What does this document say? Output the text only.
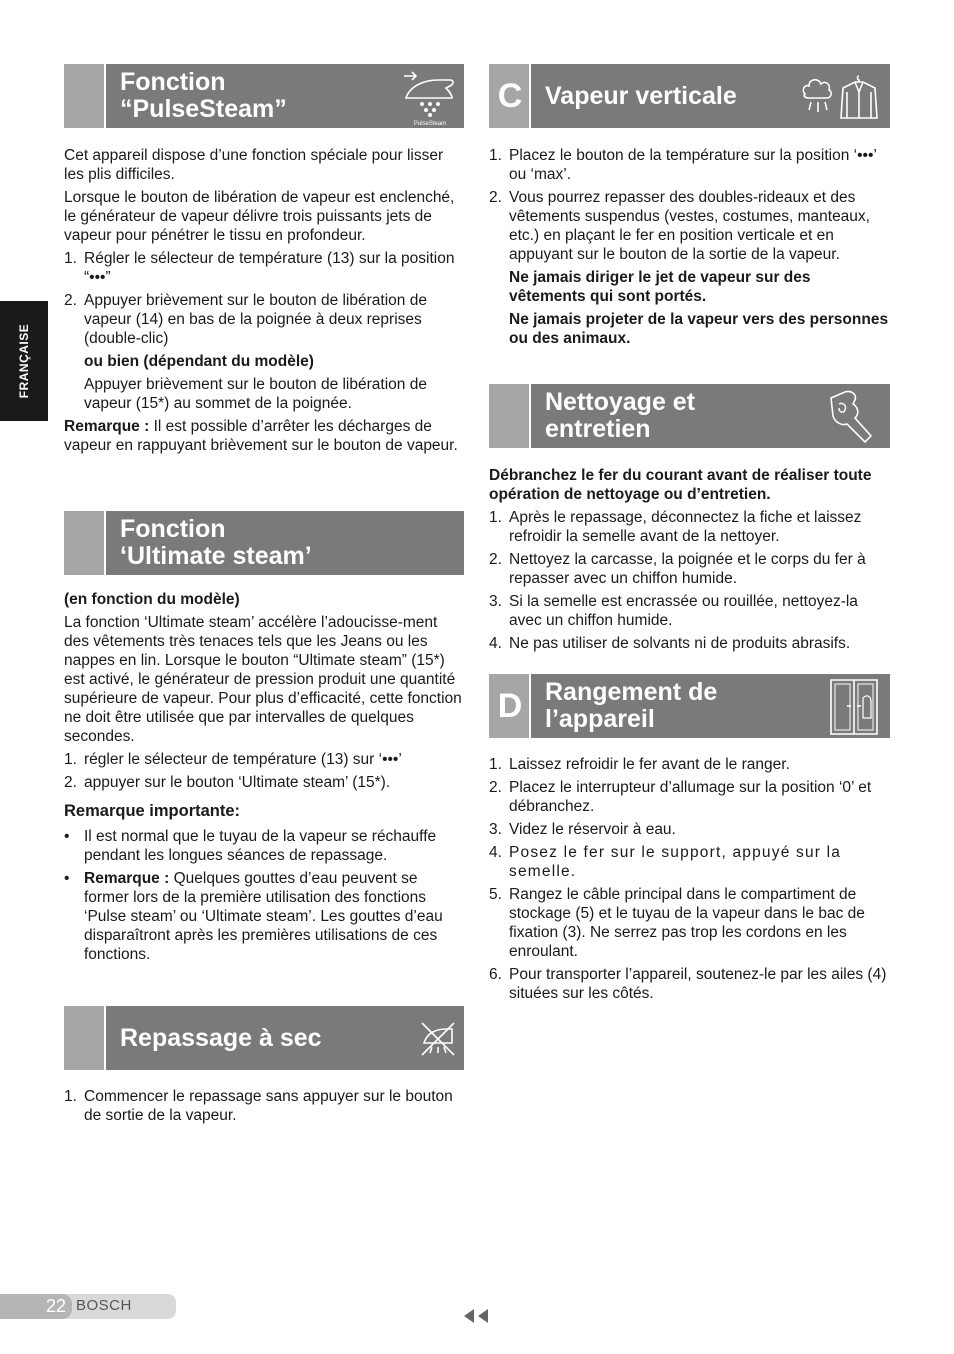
FRANÇAISE
Fonction
“PulseSteam”
PulseSteam

Cet appareil dispose d’une fonction spéciale pour lisser les plis difficiles.

Lorsque le bouton de libération de vapeur est enclenché, le générateur de vapeur délivre trois puissants jets de vapeur pour pénétrer le tissu en profondeur.

1. Régler le sélecteur de température (13) sur la position “•••”
2. Appuyer brièvement sur le bouton de libération de vapeur (14) en bas de la poignée à deux reprises (double-clic)
ou bien (dépendant du modèle)
Appuyer brièvement sur le bouton de libération de vapeur (15*) au sommet de la poignée.

Remarque : Il est possible d’arrêter les décharges de vapeur en rappuyant brièvement sur le bouton de vapeur.

Fonction
‘Ultimate steam’

(en fonction du modèle)

La fonction ‘Ultimate steam’ accélère l’adoucisse-ment des vêtements très tenaces tels que les Jeans ou les nappes en lin. Lorsque le bouton “Ultimate steam” (15*) est activé, le générateur de pression produit une quantité supérieure de vapeur. Pour plus d’efficacité, cette fonction ne doit être utilisée que par intervalles de quelques secondes.

1. régler le sélecteur de température (13) sur ‘•••’
2. appuyer sur le bouton ‘Ultimate steam’ (15*).
Remarque importante:
• Il est normal que le tuyau de la vapeur se réchauffe pendant les longues séances de repassage.
• Remarque : Quelques gouttes d’eau peuvent se former lors de la première utilisation des fonctions ‘Pulse steam’ ou ‘Ultimate steam’. Les gouttes d’eau disparaîtront après les premières utilisations de ces fonctions.
Repassage à sec
1. Commencer le repassage sans appuyer sur le bouton de sortie de la vapeur.
C Vapeur verticale
1. Placez le bouton de la température sur la position ‘•••’ ou ‘max’.
2. Vous pourrez repasser des doubles-rideaux et des vêtements suspendus (vestes, costumes, manteaux, etc.) en plaçant le fer en position verticale et en appuyant sur le bouton de la sortie de la vapeur.
Ne jamais diriger le jet de vapeur sur des vêtements qui sont portés.
Ne jamais projeter de la vapeur vers des personnes ou des animaux.
Nettoyage et
entretien

Débranchez le fer du courant avant de réaliser toute opération de nettoyage ou d’entretien.

1. Après le repassage, déconnectez la fiche et laissez refroidir la semelle avant de la nettoyer.
2. Nettoyez la carcasse, la poignée et le corps du fer à repasser avec un chiffon humide.
3. Si la semelle est encrassée ou rouillée, nettoyez-la avec un chiffon humide.
4. Ne pas utiliser de solvants ni de produits abrasifs.
D Rangement de
l’appareil
1. Laissez refroidir le fer avant de le ranger.
2. Placez le interrupteur d’allumage sur la position ‘0’ et débranchez.
3. Videz le réservoir à eau.
4. Posez le fer sur le support, appuyé sur la semelle.
5. Rangez le câble principal dans le compartiment de stockage (5) et le tuyau de la vapeur dans le bac de fixation (3). Ne serrez pas trop les cordons en les enroulant.
6. Pour transporter l’appareil, soutenez-le par les ailes (4) situées sur les côtés.
22 BOSCH
